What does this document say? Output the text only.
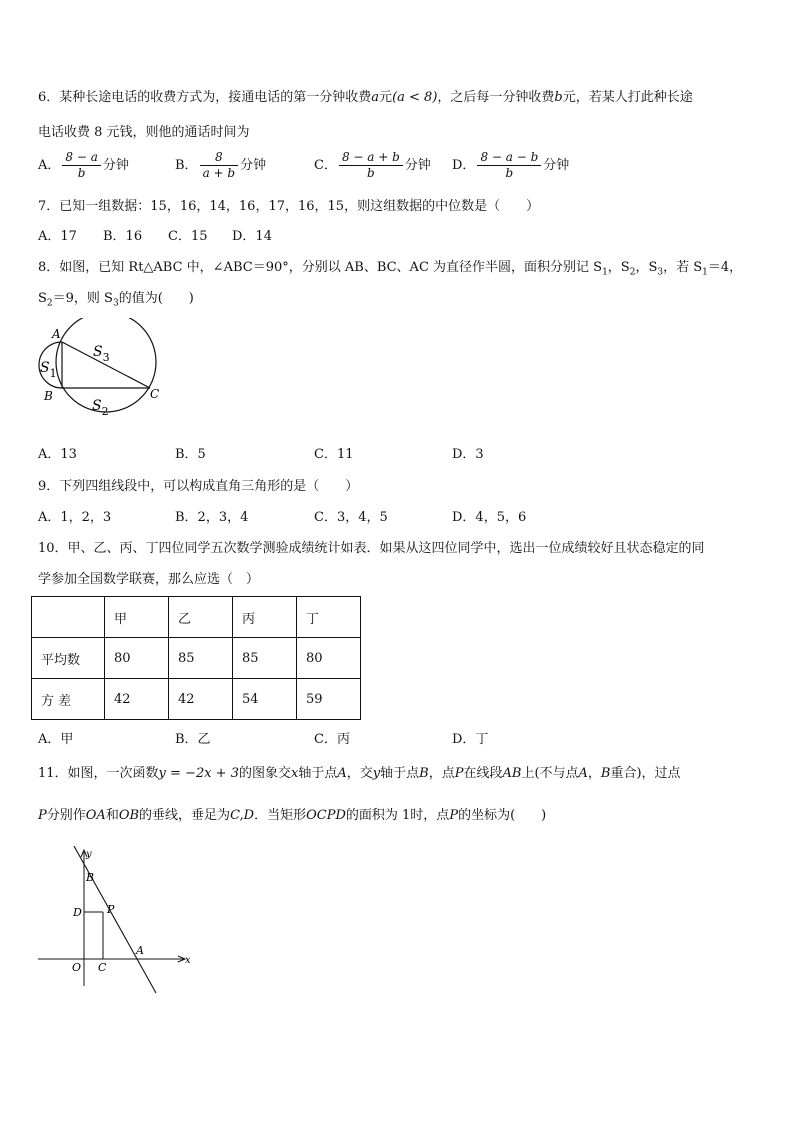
6．某种长途电话的收费方式为，接通电话的第一分钟收费a元(a < 8)，之后每一分钟收费b元，若某人打此种长途
电话收费 8 元钱，则他的通话时间为
A． $\frac{8 - a}{b}$ 分钟	B． $\frac{8}{a + b}$ 分钟	C． $\frac{8 - a + b}{b}$ 分钟 D． $\frac{8 - a - b}{b}$ 分钟
7．已知一组数据：15，16，14，16，17，16，15，则这组数据的中位数是（　　）
A．17 B．16 C．15 D．14
8．如图，已知 Rt△ABC 中，∠ABC＝90°，分别以 AB、BC、AC 为直径作半圆，面积分别记 $S_1$，$S_2$，$S_3$，若 $S_1=4$，
$S_2=9$，则 $S_3$的值为(　　)
A
B	C
$S_1$
$S_3$
$S_2$
A．13	B．5	C．11	D．3
9．下列四组线段中，可以构成直角三角形的是（　　）
A．1，2，3	B．2，3，4	C．3，4，5	D．4，5，6
10．甲、乙、丙、丁四位同学五次数学测验成绩统计如表．如果从这四位同学中，选出一位成绩较好且状态稳定的同
学参加全国数学联赛，那么应选（　）
	甲	乙	丙	丁
平均数	80	85	85	80
方 差	42	42	54	59
A．甲	B．乙	C．丙	D．丁
11．如图，一次函数y = −2x + 3的图象交x轴于点A，交y轴于点B，点P在线段AB上(不与点A，B重合)，过点
P分别作OA和OB的垂线，垂足为C,D．当矩形OCPD的面积为 1时，点P的坐标为(　　)
y
x
B
D P
A
O C
